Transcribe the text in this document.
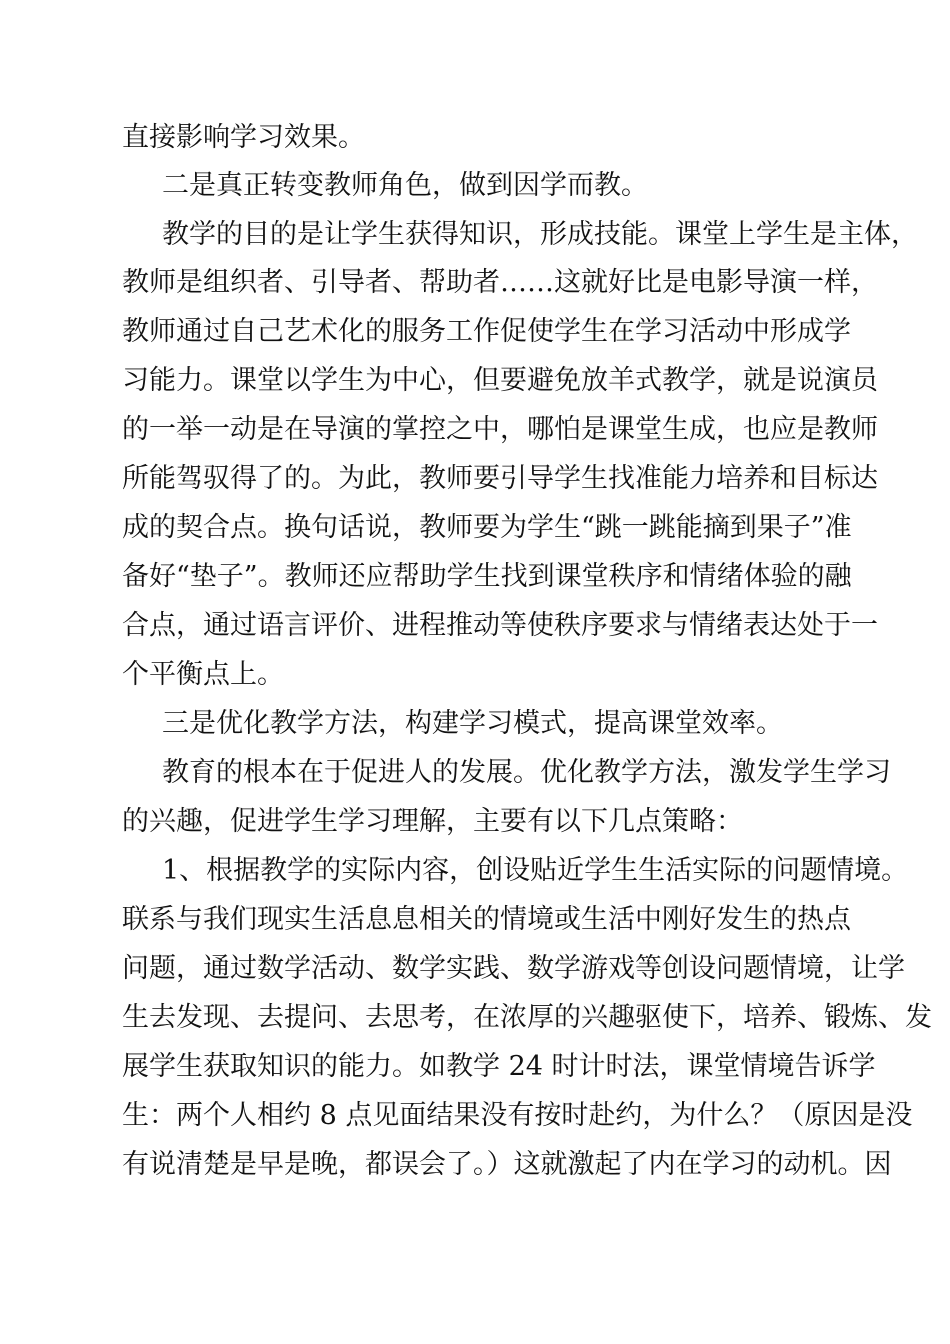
直接影响学习效果。
二是真正转变教师角色，做到因学而教。
教学的目的是让学生获得知识，形成技能。课堂上学生是主体，
教师是组织者、引导者、帮助者……这就好比是电影导演一样，
教师通过自己艺术化的服务工作促使学生在学习活动中形成学
习能力。课堂以学生为中心，但要避免放羊式教学，就是说演员
的一举一动是在导演的掌控之中，哪怕是课堂生成，也应是教师
所能驾驭得了的。为此，教师要引导学生找准能力培养和目标达
成的契合点。换句话说，教师要为学生“跳一跳能摘到果子”准
备好“垫子”。教师还应帮助学生找到课堂秩序和情绪体验的融
合点，通过语言评价、进程推动等使秩序要求与情绪表达处于一
个平衡点上。
三是优化教学方法，构建学习模式，提高课堂效率。
教育的根本在于促进人的发展。优化教学方法，激发学生学习
的兴趣，促进学生学习理解，主要有以下几点策略：
1、根据教学的实际内容，创设贴近学生生活实际的问题情境。
联系与我们现实生活息息相关的情境或生活中刚好发生的热点
问题，通过数学活动、数学实践、数学游戏等创设问题情境，让学
生去发现、去提问、去思考，在浓厚的兴趣驱使下，培养、锻炼、发
展学生获取知识的能力。如教学 24 时计时法，课堂情境告诉学
生：两个人相约 8 点见面结果没有按时赴约，为什么？（原因是没
有说清楚是早是晚，都误会了。）这就激起了内在学习的动机。因
